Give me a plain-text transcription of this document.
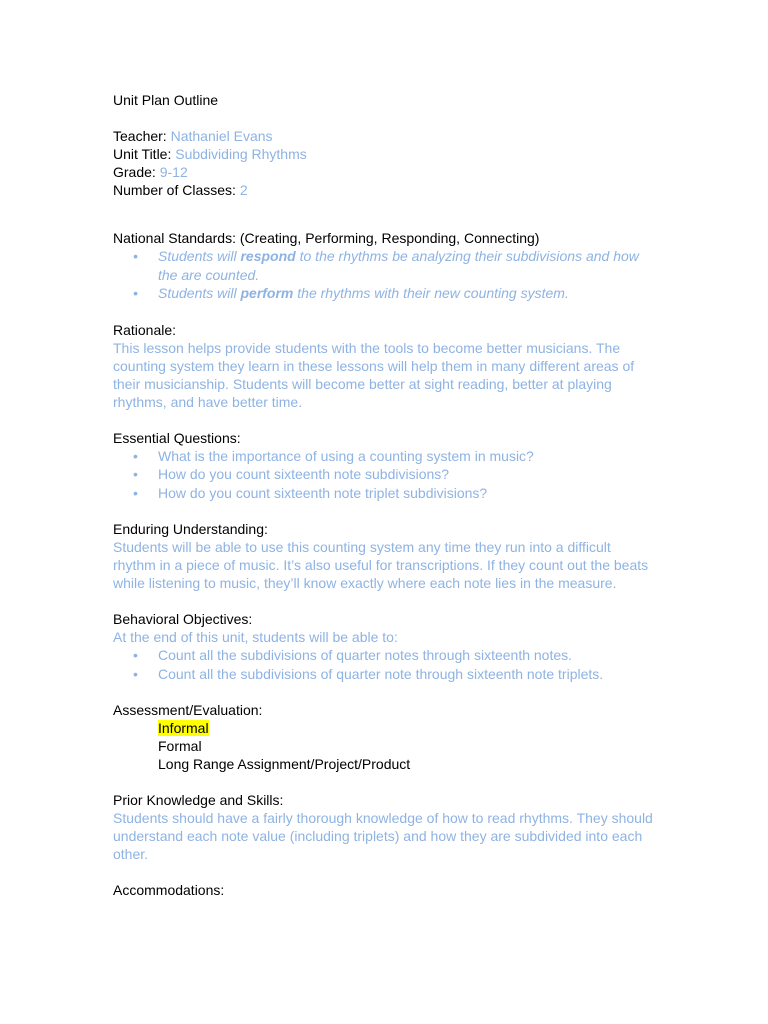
Unit Plan Outline
Teacher: Nathaniel Evans
Unit Title: Subdividing Rhythms
Grade: 9-12
Number of Classes: 2
National Standards: (Creating, Performing, Responding, Connecting)
• Students will respond to the rhythms be analyzing their subdivisions and how the are counted.
• Students will perform the rhythms with their new counting system.
Rationale:
This lesson helps provide students with the tools to become better musicians. The counting system they learn in these lessons will help them in many different areas of their musicianship. Students will become better at sight reading, better at playing rhythms, and have better time.
Essential Questions:
• What is the importance of using a counting system in music?
• How do you count sixteenth note subdivisions?
• How do you count sixteenth note triplet subdivisions?
Enduring Understanding:
Students will be able to use this counting system any time they run into a difficult rhythm in a piece of music. It’s also useful for transcriptions. If they count out the beats while listening to music, they’ll know exactly where each note lies in the measure.
Behavioral Objectives:
At the end of this unit, students will be able to:
• Count all the subdivisions of quarter notes through sixteenth notes.
• Count all the subdivisions of quarter note through sixteenth note triplets.
Assessment/Evaluation:
Informal
Formal
Long Range Assignment/Project/Product
Prior Knowledge and Skills:
Students should have a fairly thorough knowledge of how to read rhythms. They should understand each note value (including triplets) and how they are subdivided into each other.
Accommodations:
